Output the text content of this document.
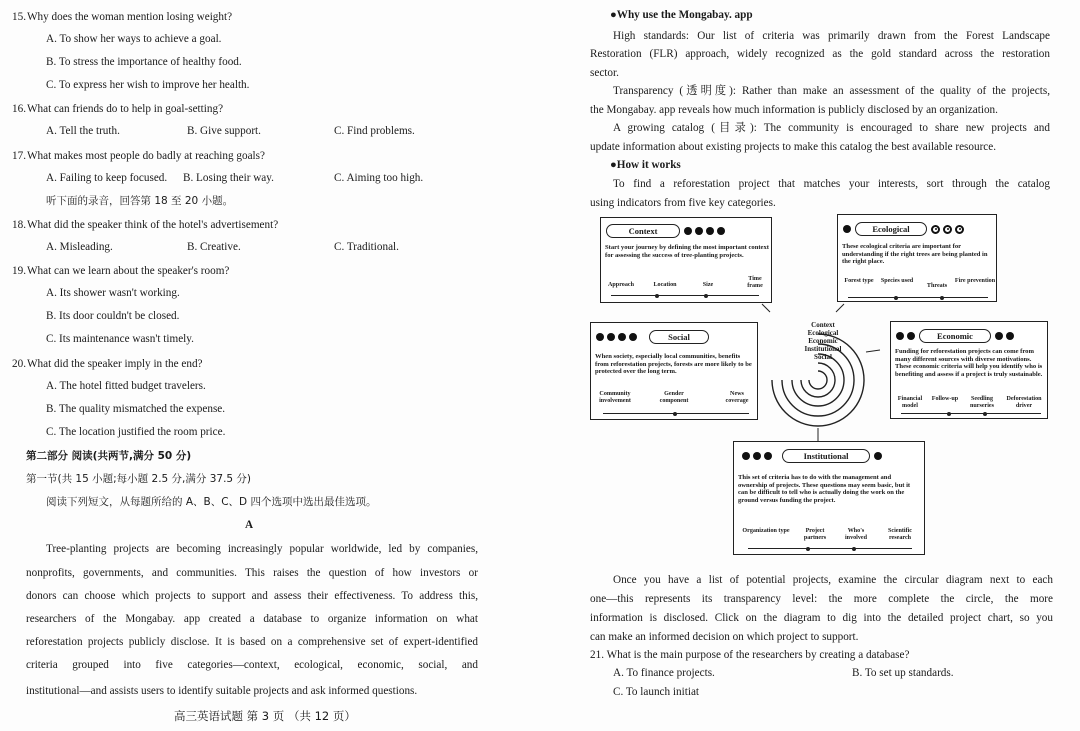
Why does the woman mention losing weight?
15.
A. To show her ways to achieve a goal.
B. To stress the importance of healthy food.
C. To express her wish to improve her health.
16. What can friends do to help in goal-setting?
A. Tell the truth.	B. Give support.	C. Find problems.
17. What makes most people do badly at reaching goals?
A. Failing to keep focused. B. Losing their way.	C. Aiming too high.
听下面的录音，回答第 18 至 20 小题。
18. What did the speaker think of the hotel's advertisement?
A. Misleading.	B. Creative.	C. Traditional.
19. What can we learn about the speaker's room?
A. Its shower wasn't working.
B. Its door couldn't be closed.
C. Its maintenance wasn't timely.
20. What did the speaker imply in the end?
A. The hotel fitted budget travelers.
B. The quality mismatched the expense.
C. The location justified the room price.
第二部分 阅读(共两节,满分 50 分)
第一节(共 15 小题;每小题 2.5 分,满分 37.5 分)
阅读下列短文，从每题所给的 A、B、C、D 四个选项中选出最佳选项。
A
Tree-planting projects are becoming increasingly popular worldwide, led by companies,
nonprofits, governments, and communities. This raises the question of how investors or
donors can choose which projects to support and assess their effectiveness. To address this,
researchers of the Mongabay. app created a database to organize information on what
reforestation projects publicly disclose. It is based on a comprehensive set of expert-identified
criteria grouped into five categories—context, ecological, economic, social, and
institutional—and assists users to identify suitable projects and ask informed questions.
高三英语试题 第 3 页 （共 12 页）
●Why use the Mongabay. app
High standards: Our list of criteria was primarily drawn from the Forest Landscape
Restoration (FLR) approach, widely recognized as the gold standard across the restoration
sector.
Transparency (透明度): Rather than make an assessment of the quality of the projects,
the Mongabay. app reveals how much information is publicly disclosed by an organization.
A growing catalog (目录): The community is encouraged to share new projects and
update information about existing projects to make this catalog the best available resource.
●How it works
To find a reforestation project that matches your interests, sort through the catalog
using indicators from five key categories.
Context
Ecological
Economic
Institutional
Social
Context
Start your journey by defining the most important context for assessing the success of tree-planting projects.
Approach	Location	Size
Time frame
Ecological
These ecological criteria are important for understanding if the right trees are being planted in the right place.
Forest type	Species used
Threats
Fire prevention
Social
When society, especially local communities, benefits from reforestation projects, forests are more likely to be protected over the long term.
Community involvement
Gender component
News coverage
Economic
Funding for reforestation projects can come from many different sources with diverse motivations. These economic criteria will help you identify who is benefiting and assess if a project is truly sustainable.
Financial model
Follow-up	Seedling nurseries
Deforestation driver
Institutional
This set of criteria has to do with the management and ownership of projects. These questions may seem basic, but it can be difficult to tell who is actually doing the work on the ground versus funding the project.
Organization type	Project partners
Who's involved
Scientific research
Once you have a list of potential projects, examine the circular diagram next to each
one—this represents its transparency level: the more complete the circle, the more
information is disclosed. Click on the diagram to dig into the detailed project chart, so you
can make an informed decision on which project to support.
21. What is the main purpose of the researchers by creating a database?
A. To finance projects.	B. To set up standards.
C. To launch initiat
